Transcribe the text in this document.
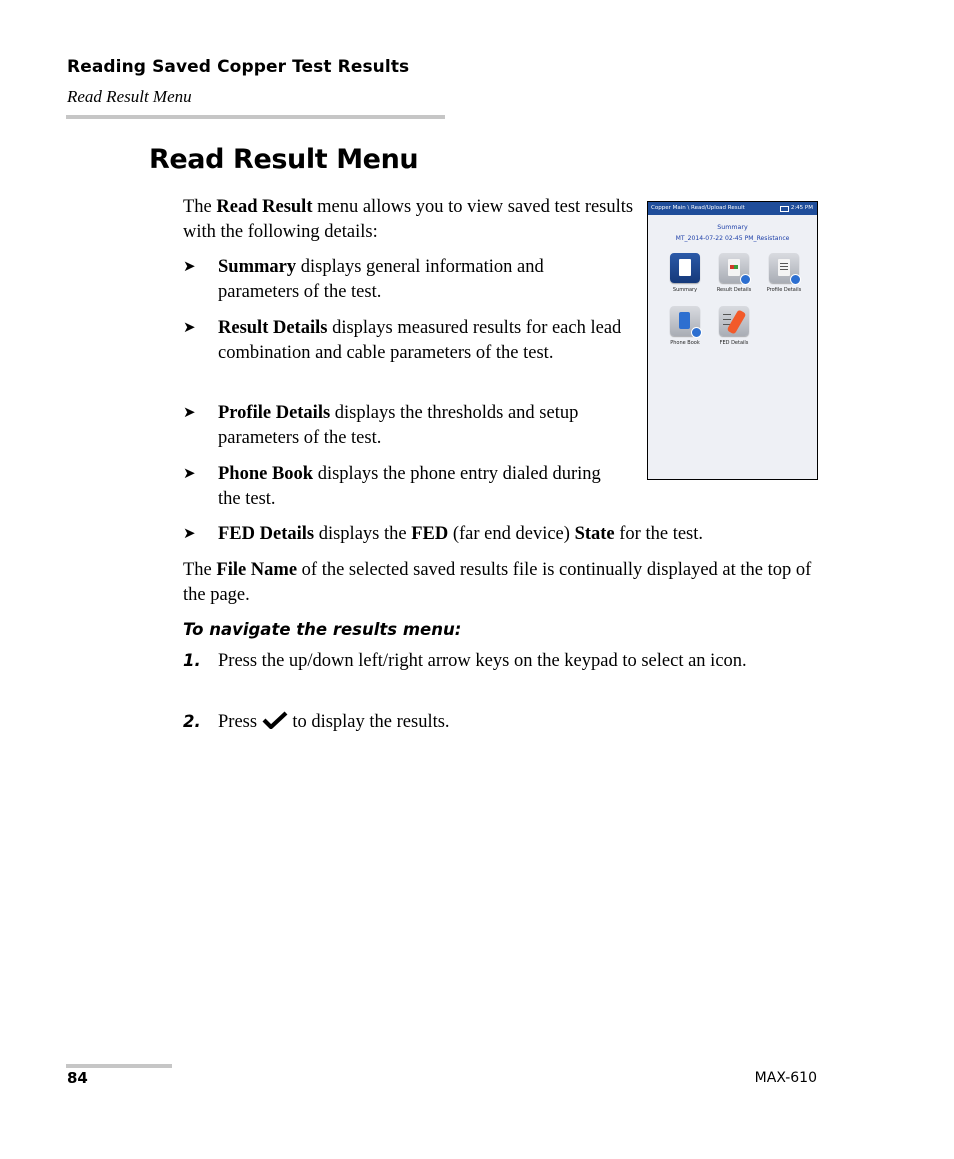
Reading Saved Copper Test Results
Read Result Menu
Read Result Menu
The Read Result menu allows you to view saved test results with the following details:
➤	Summary displays general information and parameters of the test.
➤	Result Details displays measured results for each lead combination and cable parameters of the test.
➤	Profile Details displays the thresholds and setup parameters of the test.
➤	Phone Book displays the phone entry dialed during the test.
➤	FED Details displays the FED (far end device) State for the test.
The File Name of the selected saved results file is continually displayed at the top of the page.
To navigate the results menu:
1. Press the up/down left/right arrow keys on the keypad to select an icon.
2. Press  to display the results.
Copper Main \ Read/Upload Result	2:45 PM
Summary
MT_2014-07-22 02-45 PM_Resistance
Summary	Result Details	Profile Details
Phone Book	FED Details
84	MAX-610
